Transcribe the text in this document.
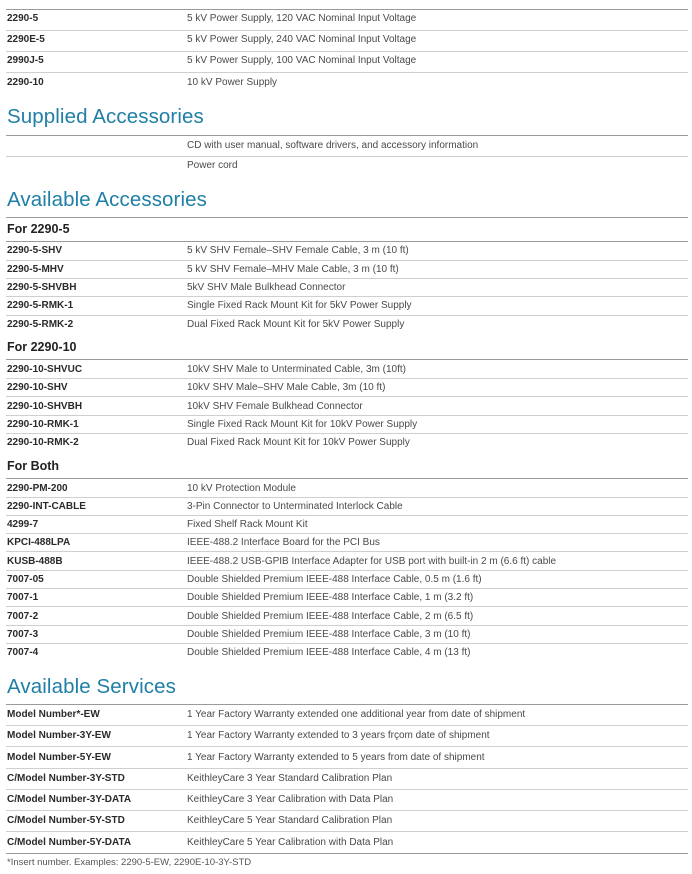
2290-5	5 kV Power Supply, 120 VAC Nominal Input Voltage
2290E-5	5 kV Power Supply, 240 VAC Nominal Input Voltage
2990J-5	5 kV Power Supply, 100 VAC Nominal Input Voltage
2290-10	10 kV Power Supply
Supplied Accessories
CD with user manual, software drivers, and accessory information
Power cord
Available Accessories
For 2290-5
2290-5-SHV	5 kV SHV Female–SHV Female Cable, 3 m (10 ft)
2290-5-MHV	5 kV SHV Female–MHV Male Cable, 3 m (10 ft)
2290-5-SHVBH	5kV SHV Male Bulkhead Connector
2290-5-RMK-1	Single Fixed Rack Mount Kit for 5kV Power Supply
2290-5-RMK-2	Dual Fixed Rack Mount Kit for 5kV Power Supply
For 2290-10
2290-10-SHVUC	10kV SHV Male to Unterminated Cable, 3m (10ft)
2290-10-SHV	10kV SHV Male–SHV Male Cable, 3m (10 ft)
2290-10-SHVBH	10kV SHV Female Bulkhead Connector
2290-10-RMK-1	Single Fixed Rack Mount Kit for 10kV Power Supply
2290-10-RMK-2	Dual Fixed Rack Mount Kit for 10kV Power Supply
For Both
2290-PM-200	10 kV Protection Module
2290-INT-CABLE	3-Pin Connector to Unterminated Interlock Cable
4299-7	Fixed Shelf Rack Mount Kit
KPCI-488LPA	IEEE-488.2 Interface Board for the PCI Bus
KUSB-488B	IEEE-488.2 USB-GPIB Interface Adapter for USB port with built-in 2 m (6.6 ft) cable
7007-05	Double Shielded Premium IEEE-488 Interface Cable, 0.5 m (1.6 ft)
7007-1	Double Shielded Premium IEEE-488 Interface Cable, 1 m (3.2 ft)
7007-2	Double Shielded Premium IEEE-488 Interface Cable, 2 m (6.5 ft)
7007-3	Double Shielded Premium IEEE-488 Interface Cable, 3 m (10 ft)
7007-4	Double Shielded Premium IEEE-488 Interface Cable, 4 m (13 ft)
Available Services
Model Number*-EW	1 Year Factory Warranty extended one additional year from date of shipment
Model Number-3Y-EW	1 Year Factory Warranty extended to 3 years frçom date of shipment
Model Number-5Y-EW	1 Year Factory Warranty extended to 5 years from date of shipment
C/Model Number-3Y-STD	KeithleyCare 3 Year Standard Calibration Plan
C/Model Number-3Y-DATA	KeithleyCare 3 Year Calibration with Data Plan
C/Model Number-5Y-STD	KeithleyCare 5 Year Standard Calibration Plan
C/Model Number-5Y-DATA	KeithleyCare 5 Year Calibration with Data Plan
*Insert number. Examples: 2290-5-EW, 2290E-10-3Y-STD
